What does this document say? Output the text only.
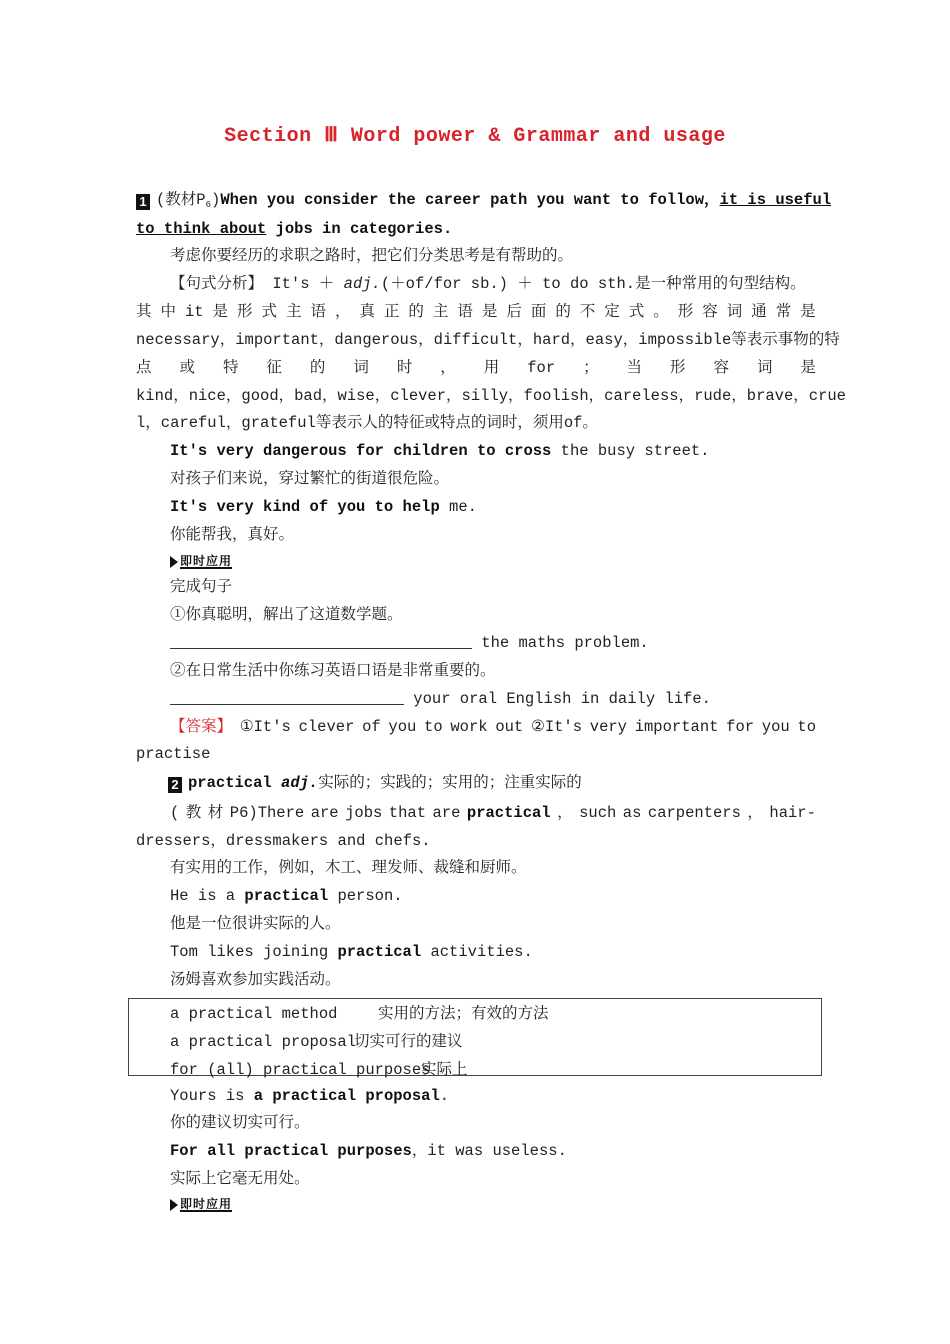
Section Ⅲ Word power & Grammar and usage
1 (教材$P_6)When$ you consider the career path you want to follow，it is useful
to think about jobs in categories.
考虑你要经历的求职之路时，把它们分类思考是有帮助的。
【句式分析】 It's ＋ adj.(＋of/for sb.) ＋ to do sth.是一种常用的句型结构。
其 中 it 是 形 式 主 语 ， 真 正 的 主 语 是 后 面 的 不 定 式 。 形 容 词 通 常 是
necessary，important，dangerous，difficult，hard，easy，impossible等表示事物的特
点 或 特 征 的 词 时 ， 用 for ； 当 形 容 词 是
kind，nice，good，bad，wise，clever，silly，foolish，careless，rude，brave，crue
l，careful，grateful等表示人的特征或特点的词时，须用of。
It's very dangerous for children to cross the busy street.
对孩子们来说，穿过繁忙的街道很危险。
It's very kind of you to help me.
你能帮我，真好。
即时应用
完成句子
①你真聪明，解出了这道数学题。
the maths problem.
②在日常生活中你练习英语口语是非常重要的。
your oral English in daily life.
【答案】 ①It's clever of you to work out ②It's very important for you to
practise
2 practical adj.实际的；实践的；实用的；注重实际的
( 教 材 P6)There are jobs that are practical ， such as carpenters ， hair-
dressers，dressmakers and chefs.
有实用的工作，例如，木工、理发师、裁缝和厨师。
He is a practical person.
他是一位很讲实际的人。
Tom likes joining practical activities.
汤姆喜欢参加实践活动。
a practical method	实用的方法；有效的方法
a practical proposal切实可行的建议
for (all) practical purposes实际上
Yours is a practical proposal.
你的建议切实可行。
For all practical purposes，it was useless.
实际上它毫无用处。
即时应用
